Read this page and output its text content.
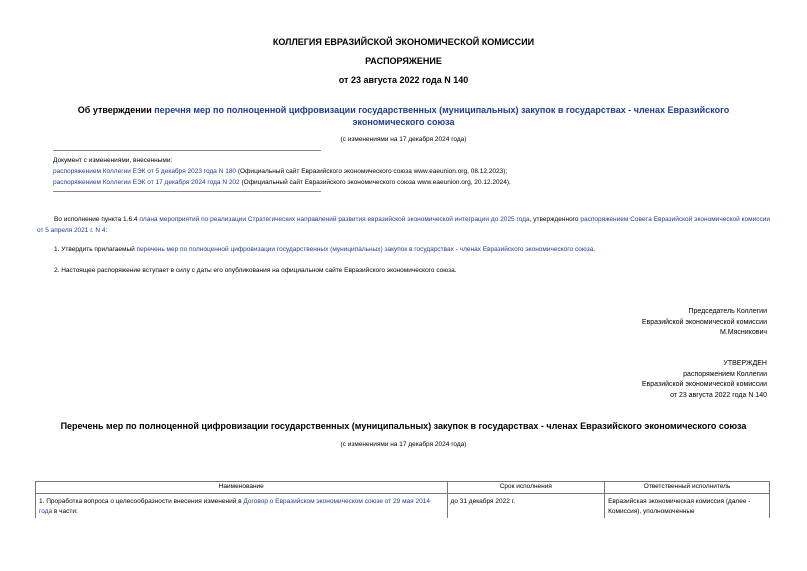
КОЛЛЕГИЯ ЕВРАЗИЙСКОЙ ЭКОНОМИЧЕСКОЙ КОМИССИИ
РАСПОРЯЖЕНИЕ
от 23 августа 2022 года N 140
Об утверждении перечня мер по полноценной цифровизации государственных (муниципальных) закупок в государствах - членах Евразийского экономического союза
(с изменениями на 17 декабря 2024 года)
Документ с изменениями, внесенными:
распоряжением Коллегии ЕЭК от 5 декабря 2023 года N 180 (Официальный сайт Евразийского экономического союза www.eaeunion.org, 08.12.2023);
распоряжением Коллегии ЕЭК от 17 декабря 2024 года N 202 (Официальный сайт Евразийского экономического союза www.eaeunion.org, 20.12.2024).
Во исполнение пункта 1.6.4 плана мероприятий по реализации Стратегических направлений развития евразийской экономической интеграции до 2025 года, утвержденного распоряжением Совета Евразийской экономической комиссии от 5 апреля 2021 г. N 4:
1. Утвердить прилагаемый перечень мер по полноценной цифровизации государственных (муниципальных) закупок в государствах - членах Евразийского экономического союза.
2. Настоящее распоряжение вступает в силу с даты его опубликования на официальном сайте Евразийского экономического союза.
Председатель Коллегии
Евразийской экономической комиссии
М.Мясникович
УТВЕРЖДЕН
распоряжением Коллегии
Евразийской экономической комиссии
от 23 августа 2022 года N 140
Перечень мер по полноценной цифровизации государственных (муниципальных) закупок в государствах - членах Евразийского экономического союза
(с изменениями на 17 декабря 2024 года)
Наименование	Срок исполнения	Ответственный исполнитель
1. Проработка вопроса о целесообразности внесения изменений в Договор о Евразийском экономическом союзе от 29 мая 2014 года в части:	до 31 декабря 2022 г.	Евразийская экономическая комиссия (далее - Комиссия), уполномоченные
